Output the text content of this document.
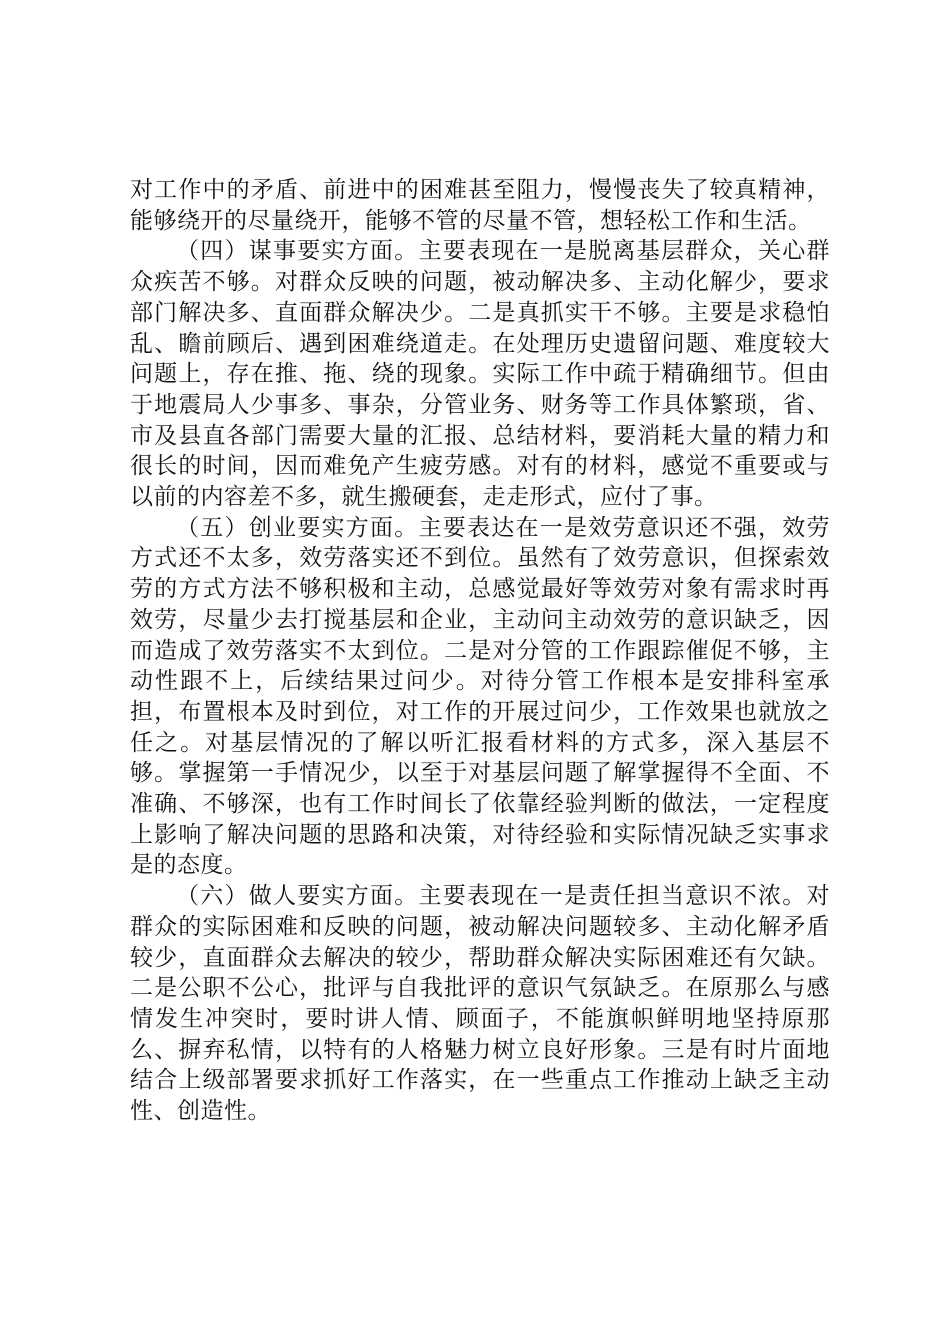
对工作中的矛盾、前进中的困难甚至阻力，慢慢丧失了较真精神，能够绕开的尽量绕开，能够不管的尽量不管，想轻松工作和生活。

（四）谋事要实方面。主要表现在一是脱离基层群众，关心群众疾苦不够。对群众反映的问题，被动解决多、主动化解少，要求部门解决多、直面群众解决少。二是真抓实干不够。主要是求稳怕乱、瞻前顾后、遇到困难绕道走。在处理历史遗留问题、难度较大问题上，存在推、拖、绕的现象。实际工作中疏于精确细节。但由于地震局人少事多、事杂，分管业务、财务等工作具体繁琐，省、市及县直各部门需要大量的汇报、总结材料，要消耗大量的精力和很长的时间，因而难免产生疲劳感。对有的材料，感觉不重要或与以前的内容差不多，就生搬硬套，走走形式，应付了事。

（五）创业要实方面。主要表达在一是效劳意识还不强，效劳方式还不太多，效劳落实还不到位。虽然有了效劳意识，但探索效劳的方式方法不够积极和主动，总感觉最好等效劳对象有需求时再效劳，尽量少去打搅基层和企业，主动问主动效劳的意识缺乏，因而造成了效劳落实不太到位。二是对分管的工作跟踪催促不够，主动性跟不上，后续结果过问少。对待分管工作根本是安排科室承担，布置根本及时到位，对工作的开展过问少，工作效果也就放之任之。对基层情况的了解以听汇报看材料的方式多，深入基层不够。掌握第一手情况少，以至于对基层问题了解掌握得不全面、不准确、不够深，也有工作时间长了依靠经验判断的做法，一定程度上影响了解决问题的思路和决策，对待经验和实际情况缺乏实事求是的态度。

（六）做人要实方面。主要表现在一是责任担当意识不浓。对群众的实际困难和反映的问题，被动解决问题较多、主动化解矛盾较少，直面群众去解决的较少，帮助群众解决实际困难还有欠缺。二是公职不公心，批评与自我批评的意识气氛缺乏。在原那么与感情发生冲突时，要时讲人情、顾面子，不能旗帜鲜明地坚持原那么、摒弃私情，以特有的人格魅力树立良好形象。三是有时片面地结合上级部署要求抓好工作落实，在一些重点工作推动上缺乏主动性、创造性。
